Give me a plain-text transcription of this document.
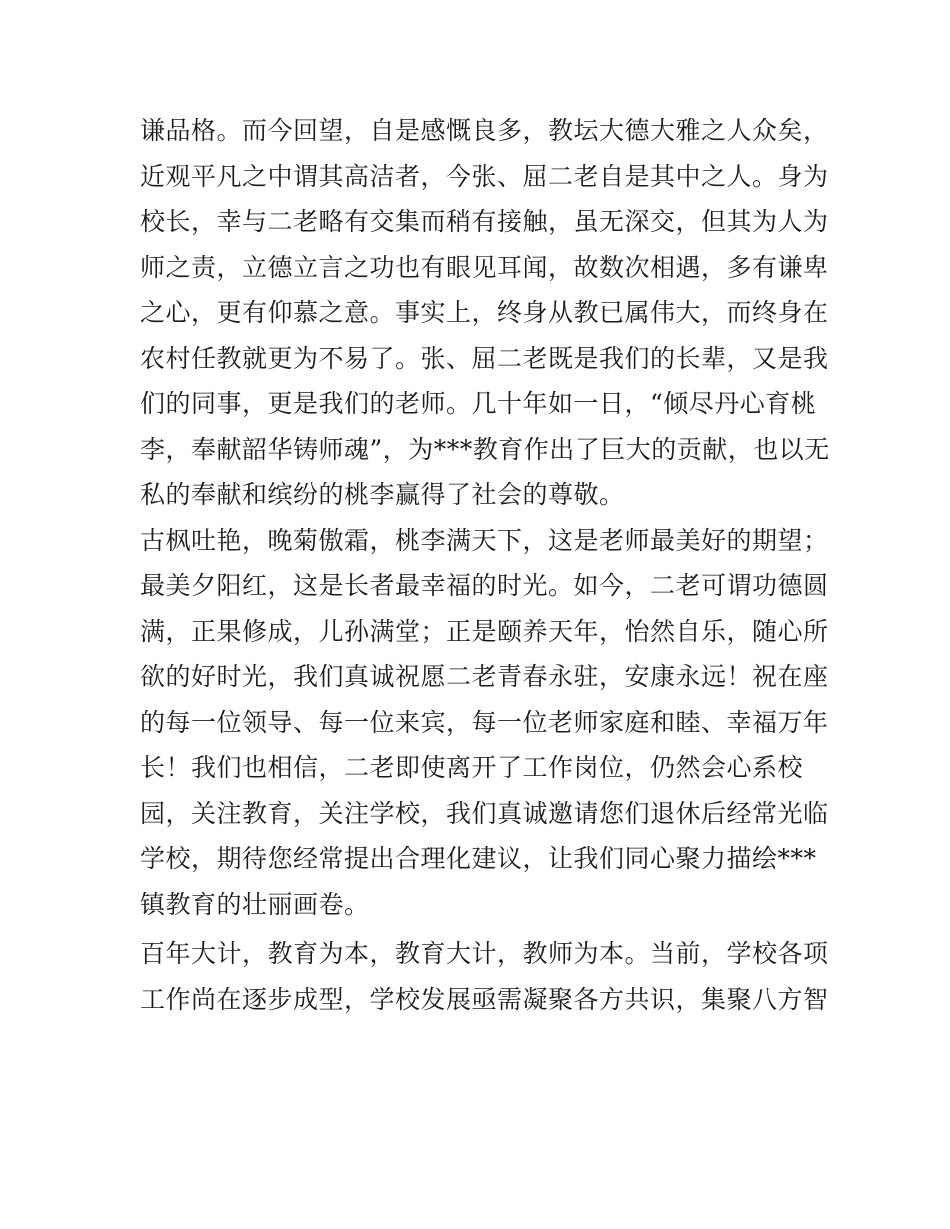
谦品格。而今回望，自是感慨良多，教坛大德大雅之人众矣，
近观平凡之中谓其高洁者，今张、屈二老自是其中之人。身为
校长，幸与二老略有交集而稍有接触，虽无深交，但其为人为
师之责，立德立言之功也有眼见耳闻，故数次相遇，多有谦卑
之心，更有仰慕之意。事实上，终身从教已属伟大，而终身在
农村任教就更为不易了。张、屈二老既是我们的长辈，又是我
们的同事，更是我们的老师。几十年如一日，“倾尽丹心育桃
李，奉献韶华铸师魂”，为***教育作出了巨大的贡献，也以无
私的奉献和缤纷的桃李赢得了社会的尊敬。
古枫吐艳，晚菊傲霜，桃李满天下，这是老师最美好的期望；
最美夕阳红，这是长者最幸福的时光。如今，二老可谓功德圆
满，正果修成，儿孙满堂；正是颐养天年，怡然自乐，随心所
欲的好时光，我们真诚祝愿二老青春永驻，安康永远！祝在座
的每一位领导、每一位来宾，每一位老师家庭和睦、幸福万年
长！我们也相信，二老即使离开了工作岗位，仍然会心系校
园，关注教育，关注学校，我们真诚邀请您们退休后经常光临
学校，期待您经常提出合理化建议，让我们同心聚力描绘***
镇教育的壮丽画卷。
百年大计，教育为本，教育大计，教师为本。当前，学校各项
工作尚在逐步成型，学校发展亟需凝聚各方共识，集聚八方智
